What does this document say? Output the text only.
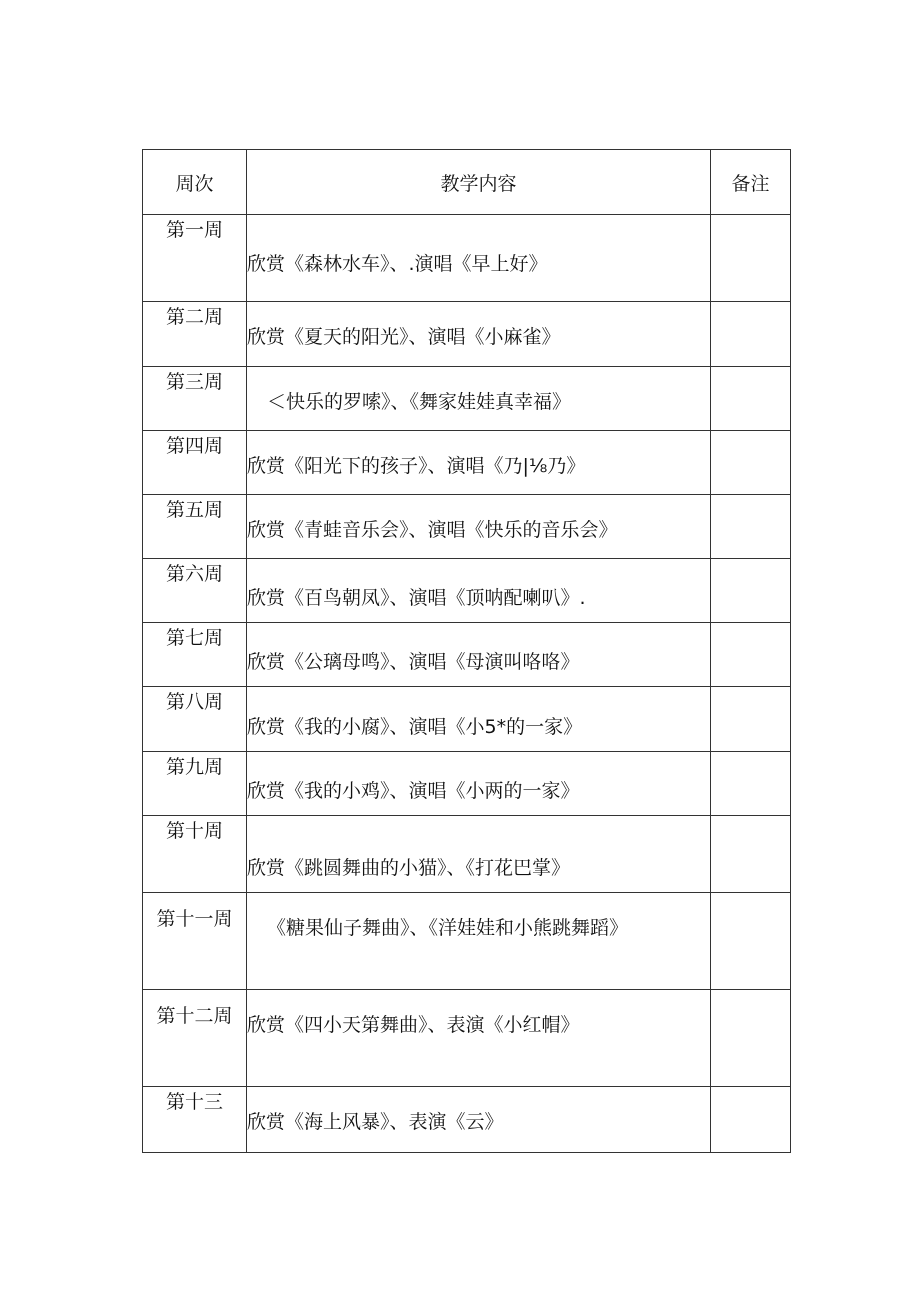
周次	教学内容	备注
第一周	欣赏《森林水车》、.演唱《早上好》	
第二周	欣赏《夏天的阳光》、演唱《小麻雀》	
第三周	＜快乐的罗嗦》、《舞家娃娃真幸福》	
第四周	欣赏《阳光下的孩子》、演唱《乃|⅛乃》	
第五周	欣赏《青蛙音乐会》、演唱《快乐的音乐会》	
第六周	欣赏《百鸟朝凤》、演唱《顶呐配喇叭》.	
第七周	欣赏《公璃母鸣》、演唱《母演叫咯咯》	
第八周	欣赏《我的小腐》、演唱《小5*的一家》	
第九周	欣赏《我的小鸡》、演唱《小两的一家》	
第十周	欣赏《跳圆舞曲的小猫》、《打花巴掌》	
第十一周	《糖果仙子舞曲》、《洋娃娃和小熊跳舞蹈》	
第十二周	欣赏《四小天第舞曲》、表演《小红帽》	
第十三	欣赏《海上风暴》、表演《云》	
